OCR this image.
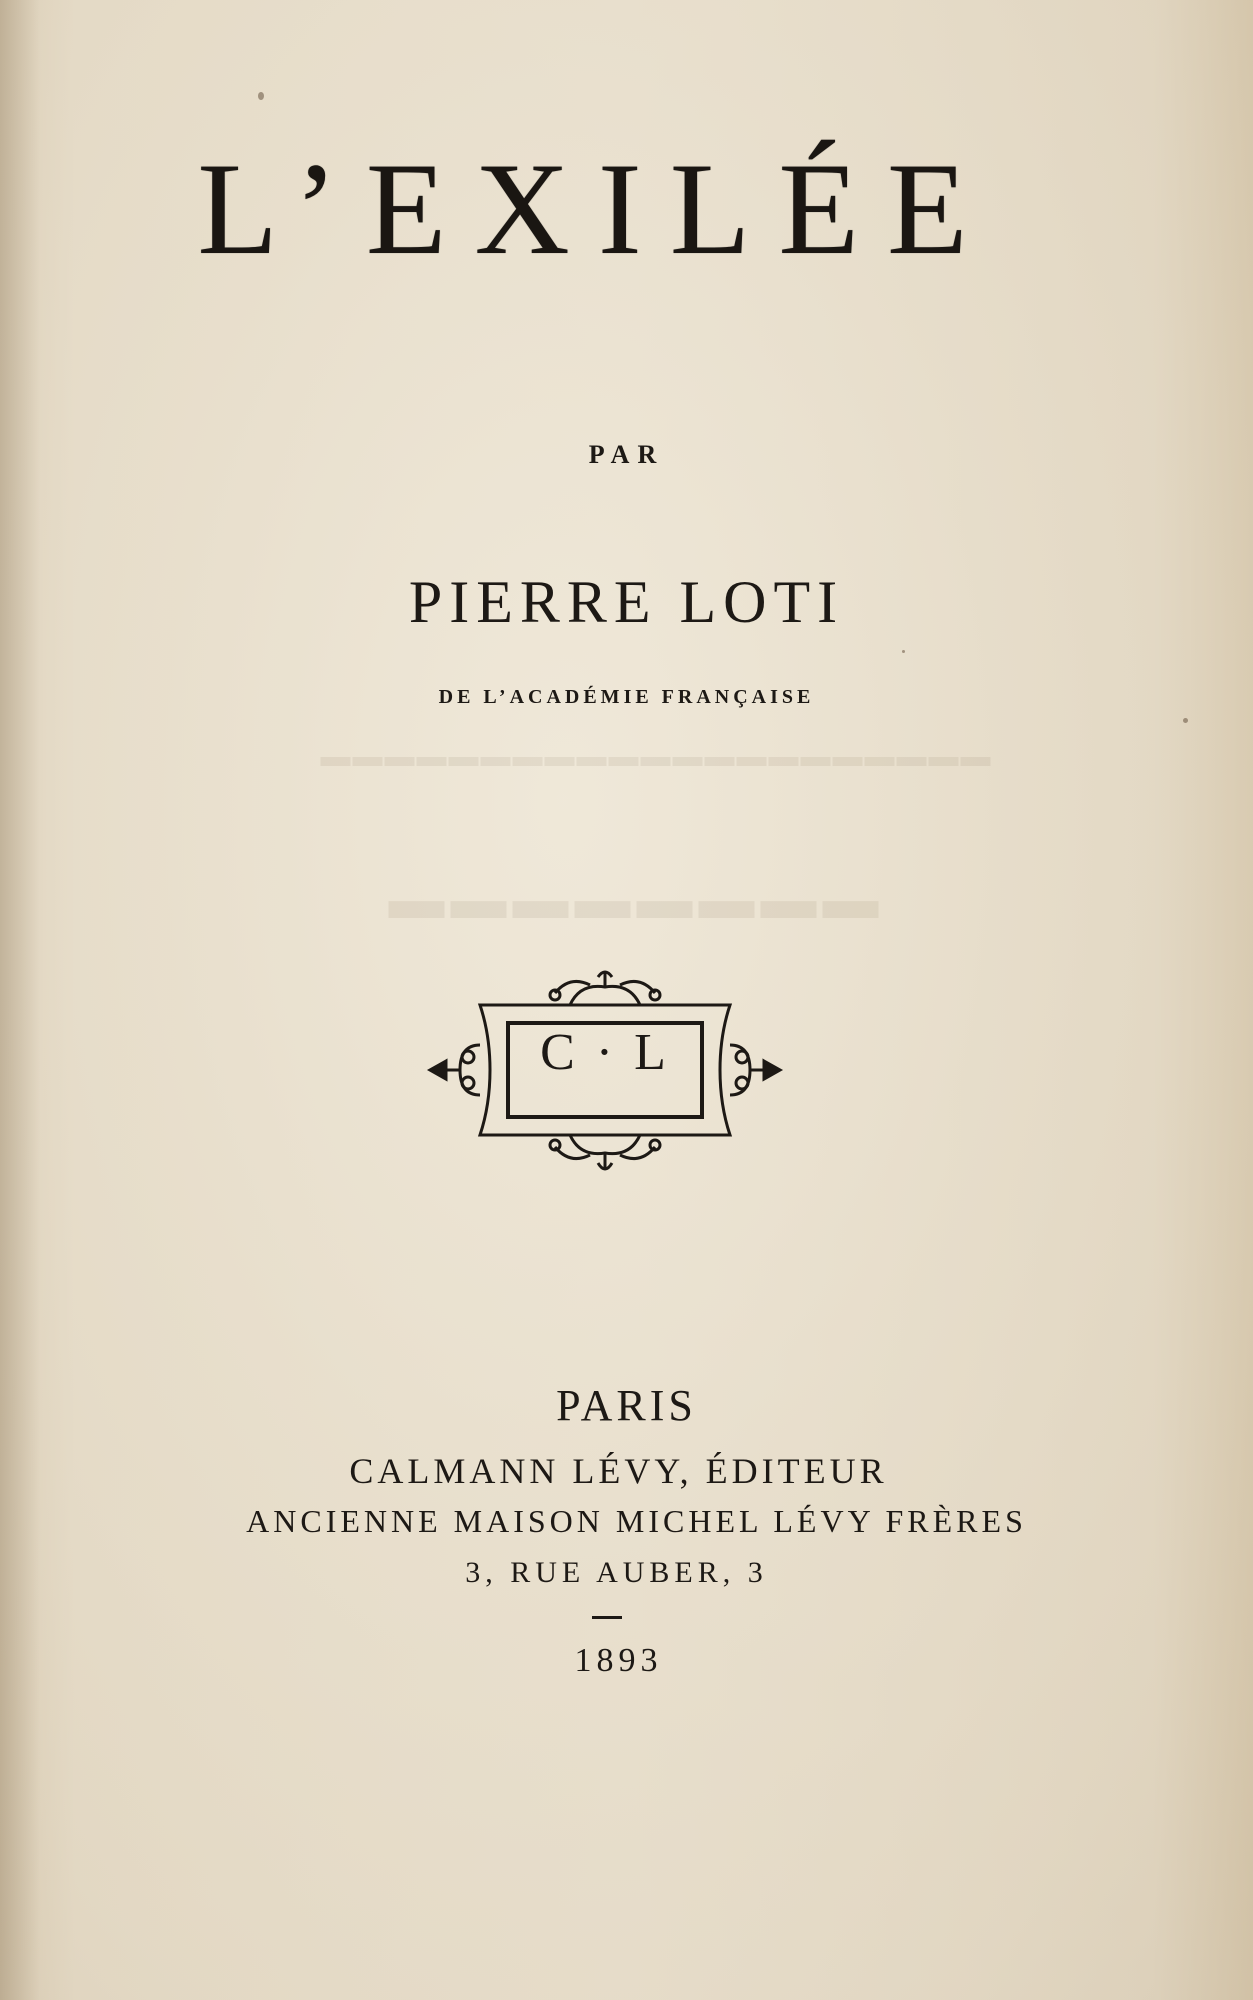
▬▬▬▬▬▬▬▬▬▬▬▬▬▬▬▬▬▬▬▬▬
▬▬▬▬▬▬▬▬
L’EXILÉE
PAR
PIERRE LOTI
DE L’ACADÉMIE FRANÇAISE
C · L
PARIS
CALMANN LÉVY, ÉDITEUR
ANCIENNE MAISON MICHEL LÉVY FRÈRES
3, RUE AUBER, 3
1893
